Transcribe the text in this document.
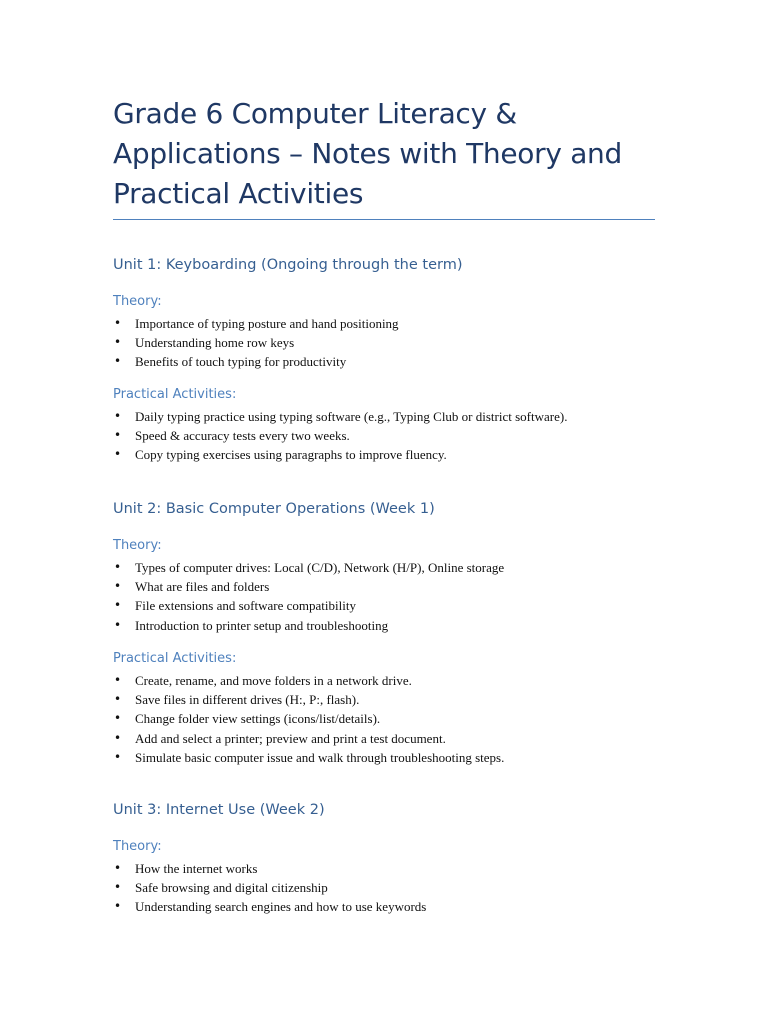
Grade 6 Computer Literacy &
Applications – Notes with Theory and
Practical Activities
Unit 1: Keyboarding (Ongoing through the term)
Theory:
• Importance of typing posture and hand positioning
• Understanding home row keys
• Benefits of touch typing for productivity
Practical Activities:
• Daily typing practice using typing software (e.g., Typing Club or district software).
• Speed & accuracy tests every two weeks.
• Copy typing exercises using paragraphs to improve fluency.
Unit 2: Basic Computer Operations (Week 1)
Theory:
• Types of computer drives: Local (C/D), Network (H/P), Online storage
• What are files and folders
• File extensions and software compatibility
• Introduction to printer setup and troubleshooting
Practical Activities:
• Create, rename, and move folders in a network drive.
• Save files in different drives (H:, P:, flash).
• Change folder view settings (icons/list/details).
• Add and select a printer; preview and print a test document.
• Simulate basic computer issue and walk through troubleshooting steps.
Unit 3: Internet Use (Week 2)
Theory:
• How the internet works
• Safe browsing and digital citizenship
• Understanding search engines and how to use keywords
